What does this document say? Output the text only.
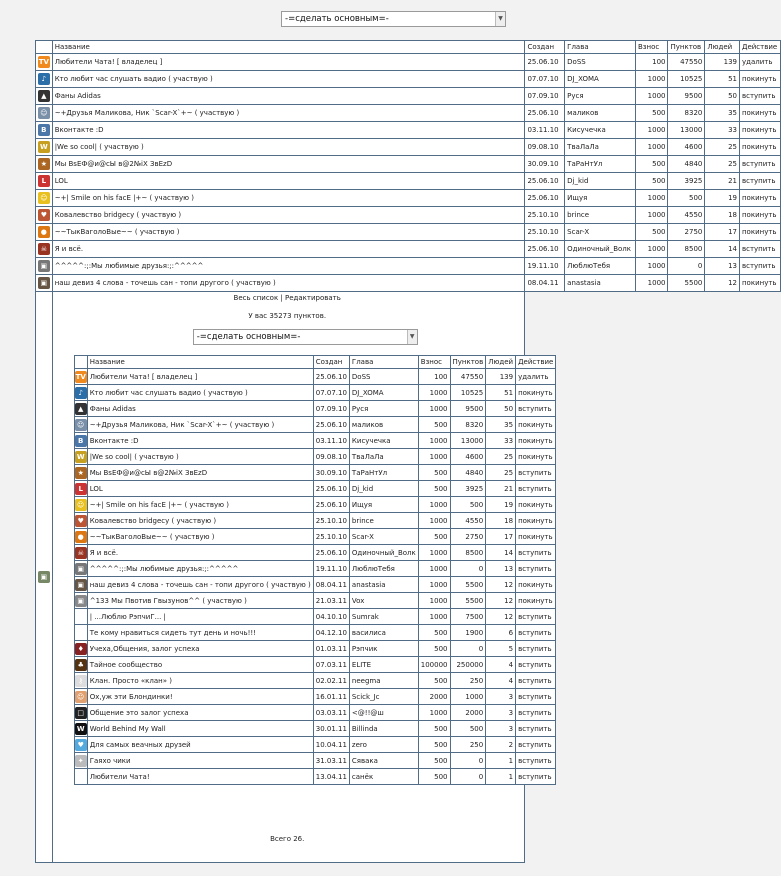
-=сделать основным=-	▼
	Название	Создан	Глава	Взнос	Пунктов	Людей	Действие
TV	Любители Чатa! [ владелец ]	25.06.10	DoSS	100	47550	139	удалить
♪	Кто любит час слушать вадио ( участвую )	07.07.10	DJ_XOMA	1000	10525	51	покинуть
▲	Фаны Adidas	07.09.10	Руся	1000	9500	50	вступить
☺	~+Друзья Маликова, Ник `Scar-X`+~ ( участвую )	25.06.10	маликов	500	8320	35	покинуть
B	Вконтакте :D	03.11.10	Кисучечка	1000	13000	33	покинуть
W	|We so cool| ( участвую )	09.08.10	ТваЛаЛа	1000	4600	25	покинуть
★	Мы BsЕФ@и@сЫ в@2№iX ЗвЕzD	30.09.10	ТаРаНтУл	500	4840	25	вступить
L	LOL	25.06.10	Dj_kid	500	3925	21	вступить
☺	~+| Smile on his facE |+~ ( участвую )	25.06.10	Ищуя	1000	500	19	покинуть
♥	Ковалевство bridgecy ( участвую )	25.10.10	brince	1000	4550	18	покинуть
●	~~ТыкВаголоВые~~ ( участвую )	25.10.10	Scar-X	500	2750	17	покинуть
☠	Я и всё.	25.06.10	Одиночный_Волк	1000	8500	14	вступить
▣	^^^^^:;:Мы любимые друзья:;:^^^^^	19.11.10	ЛюблюТебя	1000	0	13	вступить
▣	наш девиз 4 слова - точешь сан - топи другого ( участвую )	08.04.11	anastasia	1000	5500	12	покинуть
▣	
Весь список | Редактировать
У вас 35273 пунктов.
-=сделать основным=-	▼
	Название	Создан	Глава	Взнос	Пунктов	Людей	Действие
TV	Любители Чатa! [ владелец ]	25.06.10	DoSS	100	47550	139	удалить
♪	Кто любит час слушать вадио ( участвую )	07.07.10	DJ_XOMA	1000	10525	51	покинуть
▲	Фаны Adidas	07.09.10	Руся	1000	9500	50	вступить
☺	~+Друзья Маликова, Ник `Scar-X`+~ ( участвую )	25.06.10	маликов	500	8320	35	покинуть
B	Вконтакте :D	03.11.10	Кисучечка	1000	13000	33	покинуть
W	|We so cool| ( участвую )	09.08.10	ТваЛаЛа	1000	4600	25	покинуть
★	Мы BsЕФ@и@сЫ в@2№iX ЗвЕzD	30.09.10	ТаРаНтУл	500	4840	25	вступить
L	LOL	25.06.10	Dj_kid	500	3925	21	вступить
☺	~+| Smile on his facE |+~ ( участвую )	25.06.10	Ищуя	1000	500	19	покинуть
♥	Ковалевство bridgecy ( участвую )	25.10.10	brince	1000	4550	18	покинуть
●	~~ТыкВаголоВые~~ ( участвую )	25.10.10	Scar-X	500	2750	17	покинуть
☠	Я и всё.	25.06.10	Одиночный_Волк	1000	8500	14	вступить
▣	^^^^^:;:Мы любимые друзья:;:^^^^^	19.11.10	ЛюблюТебя	1000	0	13	вступить
▣	наш девиз 4 слова - точешь сан - топи другого ( участвую )	08.04.11	anastasia	1000	5500	12	покинуть
▣	^133 Мы Пвотив Гвызунов^^ ( участвую )	21.03.11	Vox	1000	5500	12	покинуть
	| ...Люблю РэпчиГ... |	04.10.10	Sumrak	1000	7500	12	вступить
	Те кому нравиться сидеть тут день и ночь!!!	04.12.10	василиса	500	1900	6	вступить
♦	Учеха,Общения, залог успеха	01.03.11	Рэпчик	500	0	5	вступить
♣	Тайное сообщество	07.03.11	ELITE	100000	250000	4	вступить
⚷	Клан. Просто «клан» )	02.02.11	neegma	500	250	4	вступить
☺	Ох,уж эти Блондинки!	16.01.11	Scick_Jc	2000	1000	3	вступить
□	Общение это залог успеха	03.03.11	<@!!@ш	1000	2000	3	вступить
W	World Behind My Wall	30.01.11	Billinda	500	500	3	вступить
♥	Для самых веачных друзей	10.04.11	zero	500	250	2	вступить
✦	Гаяхо чики	31.03.11	Сявака	500	0	1	вступить
	Любители Чата!	13.04.11	санёк	500	0	1	вступить
Всего 26.
